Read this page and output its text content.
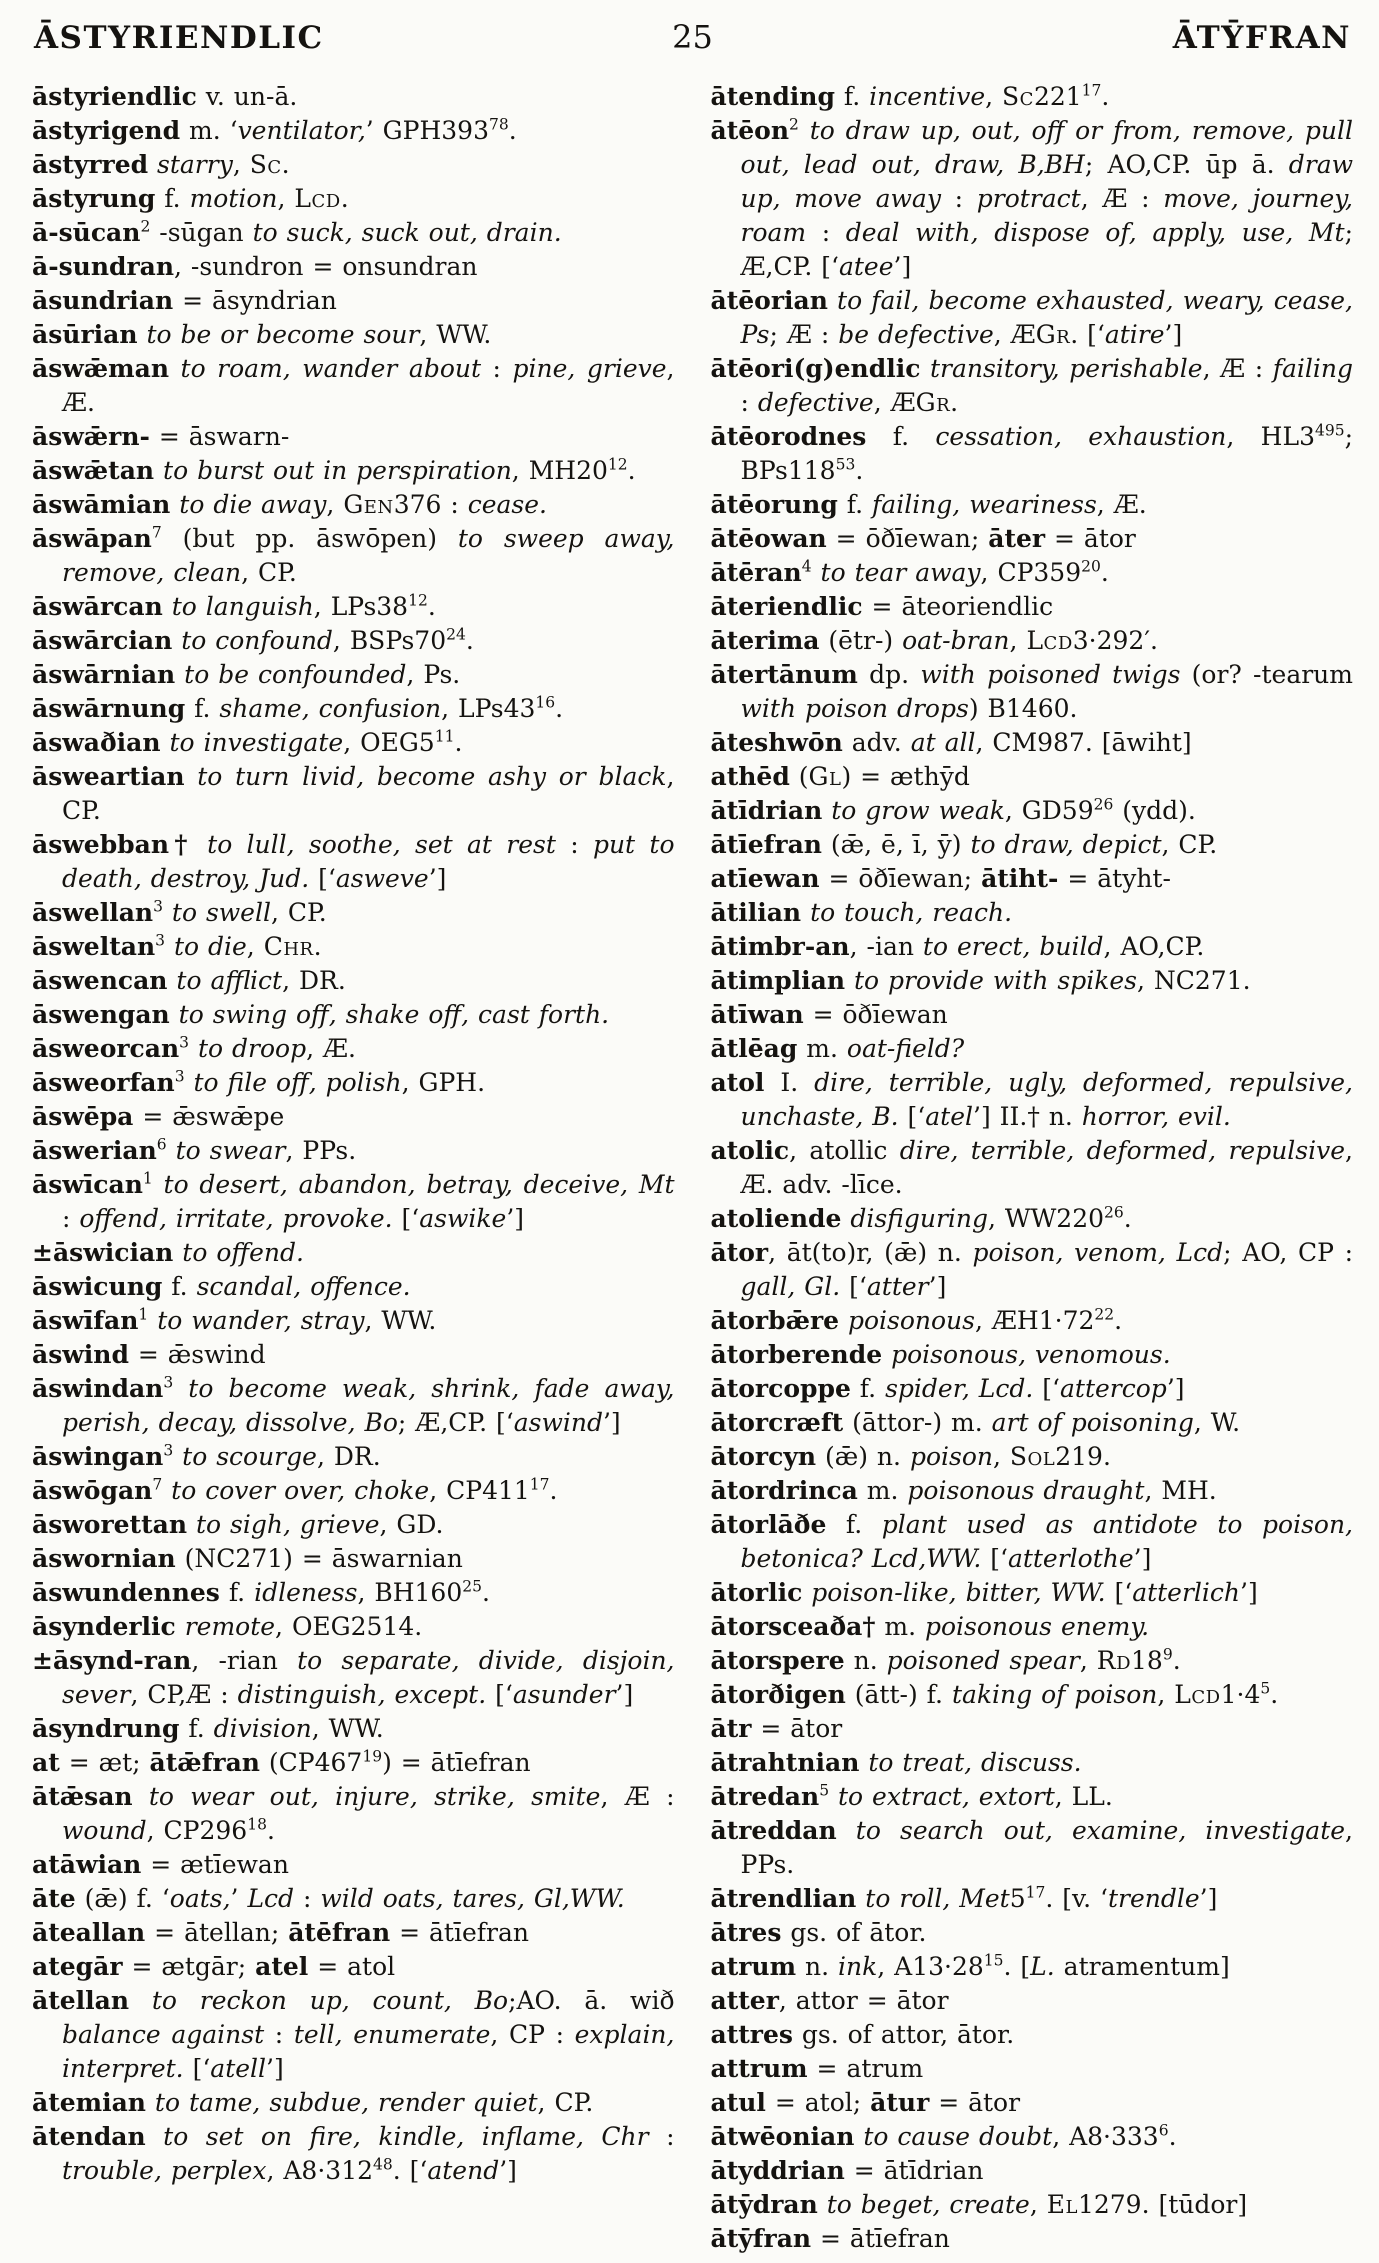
ĀSTYRIENDLIC	25	ĀTȲFRAN

āstyriendlic v. un-ā.

āstyrigend m. ‘ventilator,’ $GPH393^{78}$.

āstyrred starry, Sc.

āstyrung f. motion, Lcd.

ā-sūcan$^2$ -sūgan to suck, suck out, drain.

ā-sundran, -sundron = onsundran

āsundrian = āsyndrian

āsūrian to be or become sour, WW.

āswǣman to roam, wander about : pine, grieve, Æ.

āswǣrn- = āswarn-

āswǣtan to burst out in perspiration, $MH20^{12}$.

āswāmian to die away, Gen376 : cease.

āswāpan$^7$ (but pp. āswōpen) to sweep away, remove, clean, CP.

āswārcan to languish, $LPs38^{12}$.

āswārcian to confound, $BSPs70^{24}$.

āswārnian to be confounded, Ps.

āswārnung f. shame, confusion, $LPs43^{16}$.

āswaðian to investigate, $OEG5^{11}$.

āsweartian to turn livid, become ashy or black, CP.

āswebban† to lull, soothe, set at rest : put to death, destroy, Jud. [‘asweve’]

āswellan$^3$ to swell, CP.

āsweltan$^3$ to die, Chr.

āswencan to afflict, DR.

āswengan to swing off, shake off, cast forth.

āsweorcan$^3$ to droop, Æ.

āsweorfan$^3$ to file off, polish, GPH.

āswēpa = ǣswǣpe

āswerian$^6$ to swear, PPs.

āswīcan$^1$ to desert, abandon, betray, deceive, Mt : offend, irritate, provoke. [‘aswike’]

±āswician to offend.

āswicung f. scandal, offence.

āswīfan$^1$ to wander, stray, WW.

āswind = ǣswind

āswindan$^3$ to become weak, shrink, fade away, perish, decay, dissolve, Bo; Æ,CP. [‘aswind’]

āswingan$^3$ to scourge, DR.

āswōgan$^7$ to cover over, choke, $CP411^{17}$.

āsworettan to sigh, grieve, GD.

āswornian (NC271) = āswarnian

āswundennes f. idleness, $BH160^{25}$.

āsynderlic remote, OEG2514.

±āsynd-ran, -rian to separate, divide, disjoin, sever, CP,Æ : distinguish, except. [‘asunder’]

āsyndrung f. division, WW.

at = æt; ātǣfran $(CP467^{19})$ = ātīefran

ātǣsan to wear out, injure, strike, smite, Æ : wound, $CP296^{18}$.

atāwian = ætīewan

āte (ǣ) f. ‘oats,’ Lcd : wild oats, tares, Gl,WW.

āteallan = ātellan; ātēfran = ātīefran

ategār = ætgār; atel = atol

ātellan to reckon up, count, Bo;AO. ā. wið balance against : tell, enumerate, CP : explain, interpret. [‘atell’]

ātemian to tame, subdue, render quiet, CP.

ātendan to set on fire, kindle, inflame, Chr : trouble, perplex, $A8\cdot 312^{48}$. [‘atend’]

ātending f. incentive, $Sc221^{17}$.

ātēon$^2$ to draw up, out, off or from, remove, pull out, lead out, draw, B,BH; AO,CP. ūp ā. draw up, move away : protract, Æ : move, journey, roam : deal with, dispose of, apply, use, Mt; Æ,CP. [‘atee’]

ātēorian to fail, become exhausted, weary, cease, Ps; Æ : be defective, ÆGr. [‘atire’]

ātēori(g)endlic transitory, perishable, Æ : failing : defective, ÆGr.

ātēorodnes f. cessation, exhaustion, $HL3^{495}$; $BPs118^{53}$.

ātēorung f. failing, weariness, Æ.

ātēowan = ōðīewan; āter = ātor

ātēran$^4$ to tear away, $CP359^{20}$.

āteriendlic = āteoriendlic

āterima (ētr-) oat-bran, Lcd3·292′.

ātertānum dp. with poisoned twigs (or? -tearum with poison drops) B1460.

āteshwōn adv. at all, CM987. [āwiht]

athēd (Gl) = æthȳd

ātīdrian to grow weak, $GD59^{26}$ (ydd).

ātīefran (ǣ, ē, ī, ȳ) to draw, depict, CP.

atīewan = ōðīewan; ātiht- = ātyht-

ātilian to touch, reach.

ātimbr-an, -ian to erect, build, AO,CP.

ātimplian to provide with spikes, NC271.

ātīwan = ōðīewan

ātlēag m. oat-field?

atol I. dire, terrible, ugly, deformed, repulsive, unchaste, B. [‘atel’] II.† n. horror, evil.

atolic, atollic dire, terrible, deformed, repulsive, Æ. adv. -līce.

atoliende disfiguring, $WW220^{26}$.

ātor, āt(to)r, (ǣ) n. poison, venom, Lcd; AO, CP : gall, Gl. [‘atter’]

ātorbǣre poisonous, $ÆH1\cdot 72^{22}$.

ātorberende poisonous, venomous.

ātorcoppe f. spider, Lcd. [‘attercop’]

ātorcræft (āttor-) m. art of poisoning, W.

ātorcyn (ǣ) n. poison, Sol219.

ātordrinca m. poisonous draught, MH.

ātorlāðe f. plant used as antidote to poison, betonica? Lcd,WW. [‘atterlothe’]

ātorlic poison-like, bitter, WW. [‘atterlich’]

ātorsceaða† m. poisonous enemy.

ātorspere n. poisoned spear, $Rd18^9$.

ātorðigen (ātt-) f. taking of poison, $Lcd1\cdot 4^5$.

ātr = ātor

ātrahtnian to treat, discuss.

ātredan$^5$ to extract, extort, LL.

ātreddan to search out, examine, investigate, PPs.

ātrendlian to roll, $Met5^{17}$. [v. ‘trendle’]

ātres gs. of ātor.

atrum n. ink, $A13\cdot 28^{15}$. [L. atramentum]

atter, attor = ātor

attres gs. of attor, ātor.

attrum = atrum

atul = atol; ātur = ātor

ātwēonian to cause doubt, $A8\cdot 333^6$.

ātyddrian = ātīdrian

ātȳdran to beget, create, El1279. [tūdor]

ātȳfran = ātīefran
